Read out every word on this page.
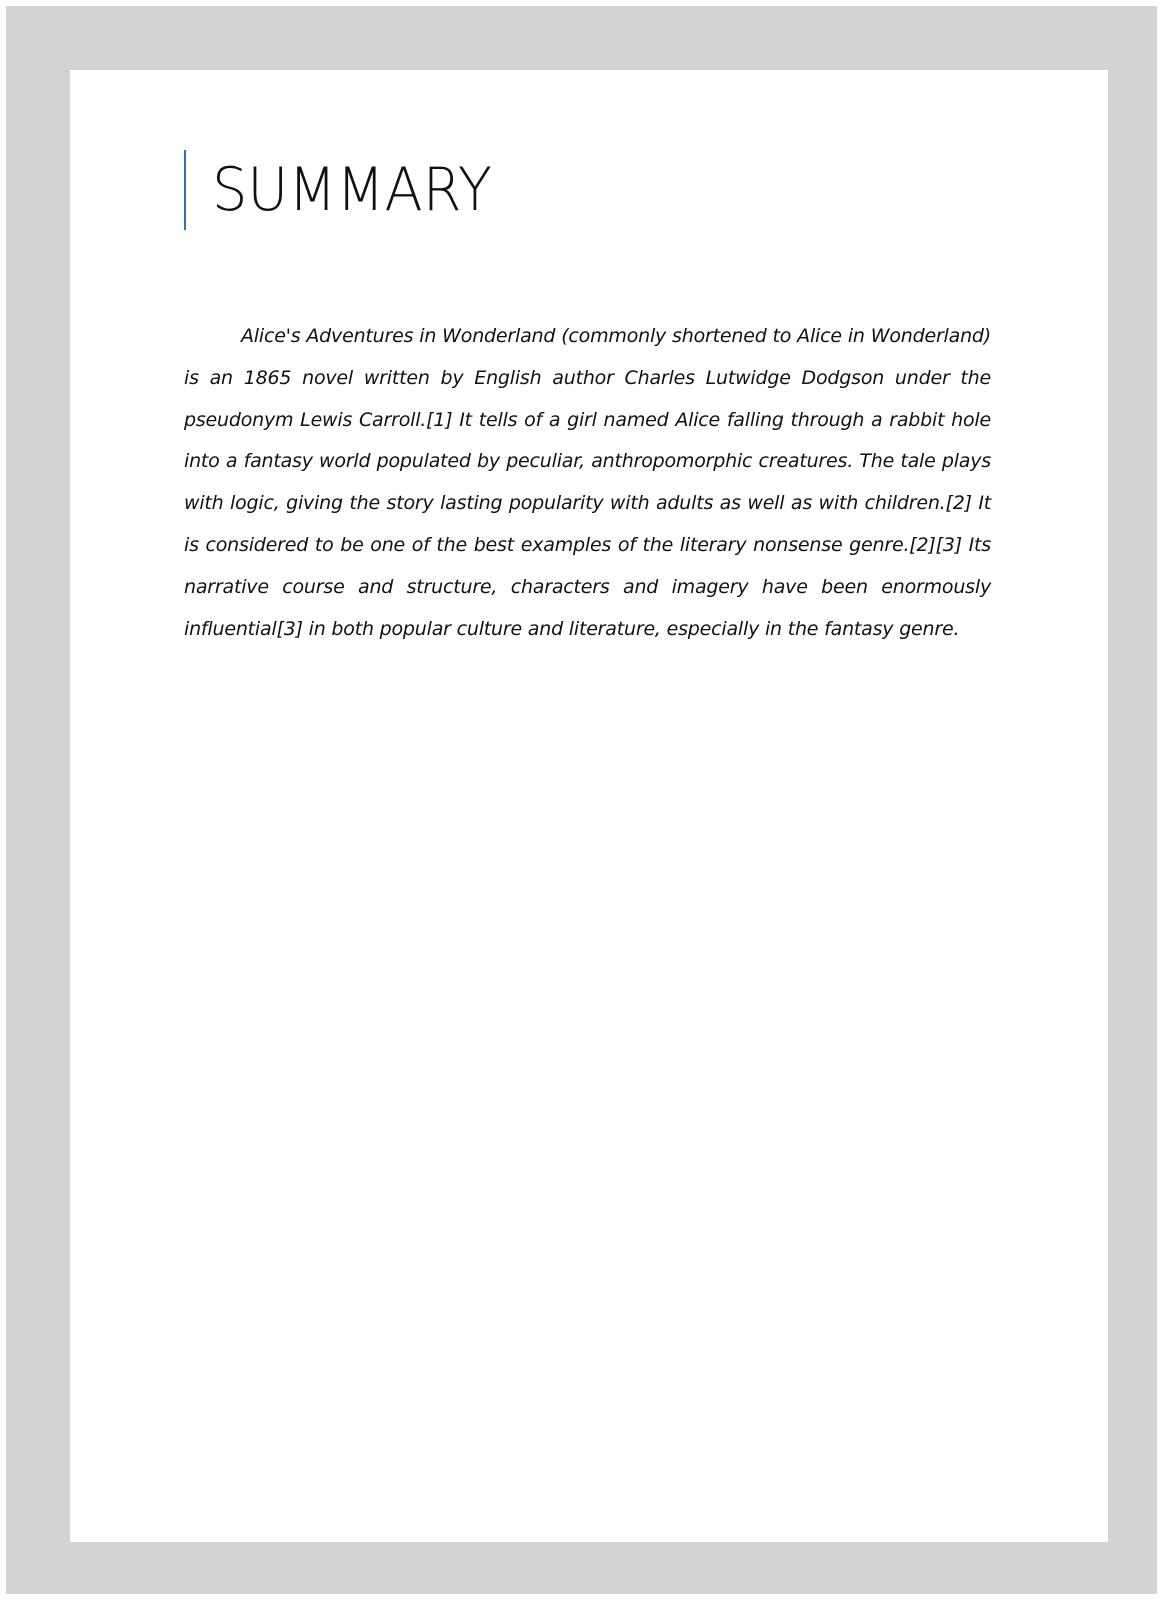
SUMMARY

Alice's Adventures in Wonderland (commonly shortened to Alice in Wonderland) is an 1865 novel written by English author Charles Lutwidge Dodgson under the pseudonym Lewis Carroll.[1] It tells of a girl named Alice falling through a rabbit hole into a fantasy world populated by peculiar, anthropomorphic creatures. The tale plays with logic, giving the story lasting popularity with adults as well as with children.[2] It is considered to be one of the best examples of the literary nonsense genre.[2][3] Its narrative course and structure, characters and imagery have been enormously influential[3] in both popular culture and literature, especially in the fantasy genre.
